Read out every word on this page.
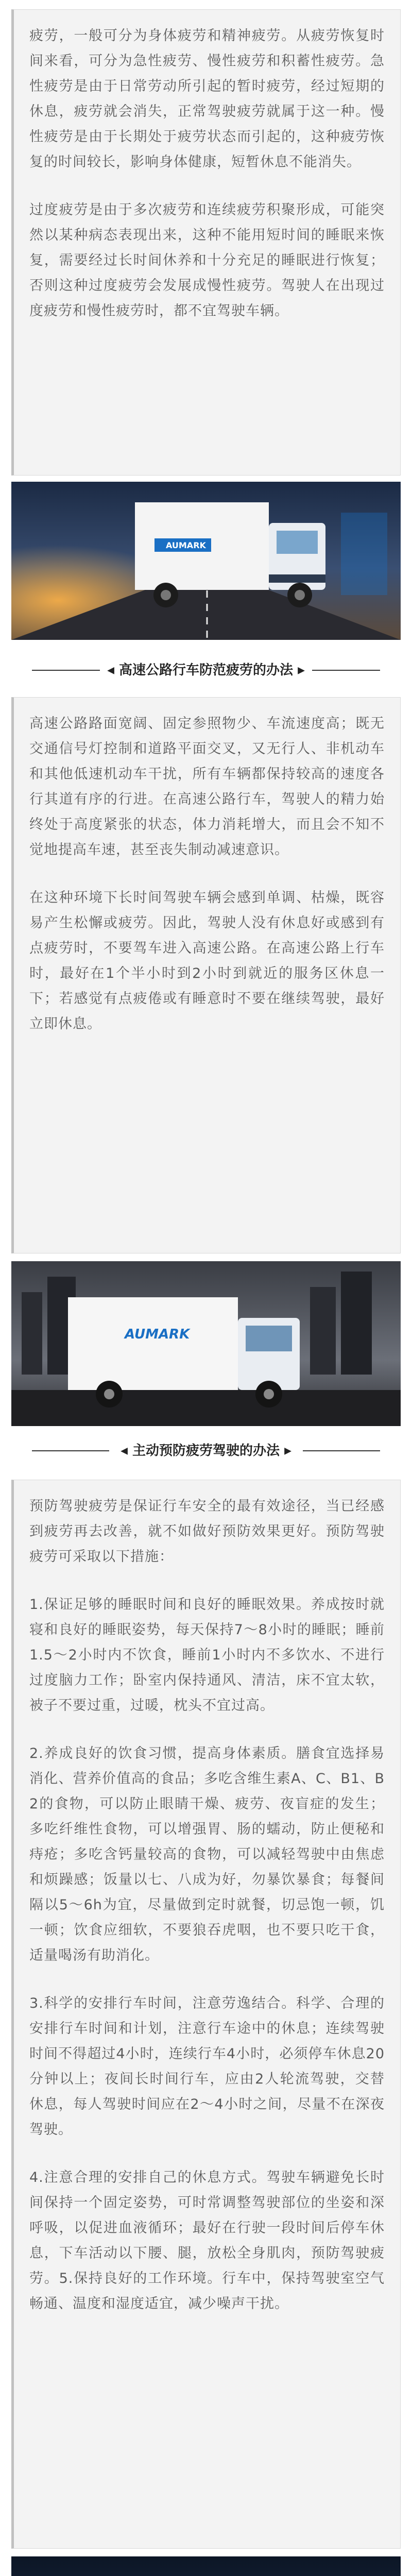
疲劳，一般可分为身体疲劳和精神疲劳。从疲劳恢复时间来看，可分为急性疲劳、慢性疲劳和积蓄性疲劳。急性疲劳是由于日常劳动所引起的暂时疲劳，经过短期的休息，疲劳就会消失，正常驾驶疲劳就属于这一种。慢性疲劳是由于长期处于疲劳状态而引起的，这种疲劳恢复的时间较长，影响身体健康，短暂休息不能消失。

过度疲劳是由于多次疲劳和连续疲劳积聚形成，可能突然以某种病态表现出来，这种不能用短时间的睡眠来恢复，需要经过长时间休养和十分充足的睡眠进行恢复；否则这种过度疲劳会发展成慢性疲劳。驾驶人在出现过度疲劳和慢性疲劳时，都不宜驾驶车辆。

AUMARK
◀ 高速公路行车防范疲劳的办法 ▶

高速公路路面宽阔、固定参照物少、车流速度高；既无交通信号灯控制和道路平面交叉，又无行人、非机动车和其他低速机动车干扰，所有车辆都保持较高的速度各行其道有序的行进。在高速公路行车，驾驶人的精力始终处于高度紧张的状态，体力消耗增大，而且会不知不觉地提高车速，甚至丧失制动减速意识。

在这种环境下长时间驾驶车辆会感到单调、枯燥，既容易产生松懈或疲劳。因此，驾驶人没有休息好或感到有点疲劳时，不要驾车进入高速公路。在高速公路上行车时，最好在1个半小时到2小时到就近的服务区休息一下；若感觉有点疲倦或有睡意时不要在继续驾驶，最好立即休息。

AUMARK
◀ 主动预防疲劳驾驶的办法 ▶

预防驾驶疲劳是保证行车安全的最有效途径，当已经感到疲劳再去改善，就不如做好预防效果更好。预防驾驶疲劳可采取以下措施：

1.保证足够的睡眠时间和良好的睡眠效果。养成按时就寝和良好的睡眠姿势，每天保持7～8小时的睡眠；睡前1.5～2小时内不饮食，睡前1小时内不多饮水、不进行过度脑力工作；卧室内保持通风、清洁，床不宜太软，被子不要过重，过暖，枕头不宜过高。

2.养成良好的饮食习惯，提高身体素质。膳食宜选择易消化、营养价值高的食品；多吃含维生素A、C、B1、B2的食物，可以防止眼睛干燥、疲劳、夜盲症的发生；多吃纤维性食物，可以增强胃、肠的蠕动，防止便秘和痔疮；多吃含钙量较高的食物，可以减轻驾驶中由焦虑和烦躁感；饭量以七、八成为好，勿暴饮暴食；每餐间隔以5～6h为宜，尽量做到定时就餐，切忌饱一顿，饥一顿；饮食应细软，不要狼吞虎咽，也不要只吃干食，适量喝汤有助消化。

3.科学的安排行车时间，注意劳逸结合。科学、合理的安排行车时间和计划，注意行车途中的休息；连续驾驶时间不得超过4小时，连续行车4小时，必须停车休息20分钟以上；夜间长时间行车，应由2人轮流驾驶，交替休息，每人驾驶时间应在2～4小时之间，尽量不在深夜驾驶。

4.注意合理的安排自己的休息方式。驾驶车辆避免长时间保持一个固定姿势，可时常调整驾驶部位的坐姿和深呼吸，以促进血液循环；最好在行驶一段时间后停车休息，下车活动以下腰、腿，放松全身肌肉，预防驾驶疲劳。5.保持良好的工作环境。行车中，保持驾驶室空气畅通、温度和湿度适宜，减少噪声干扰。
